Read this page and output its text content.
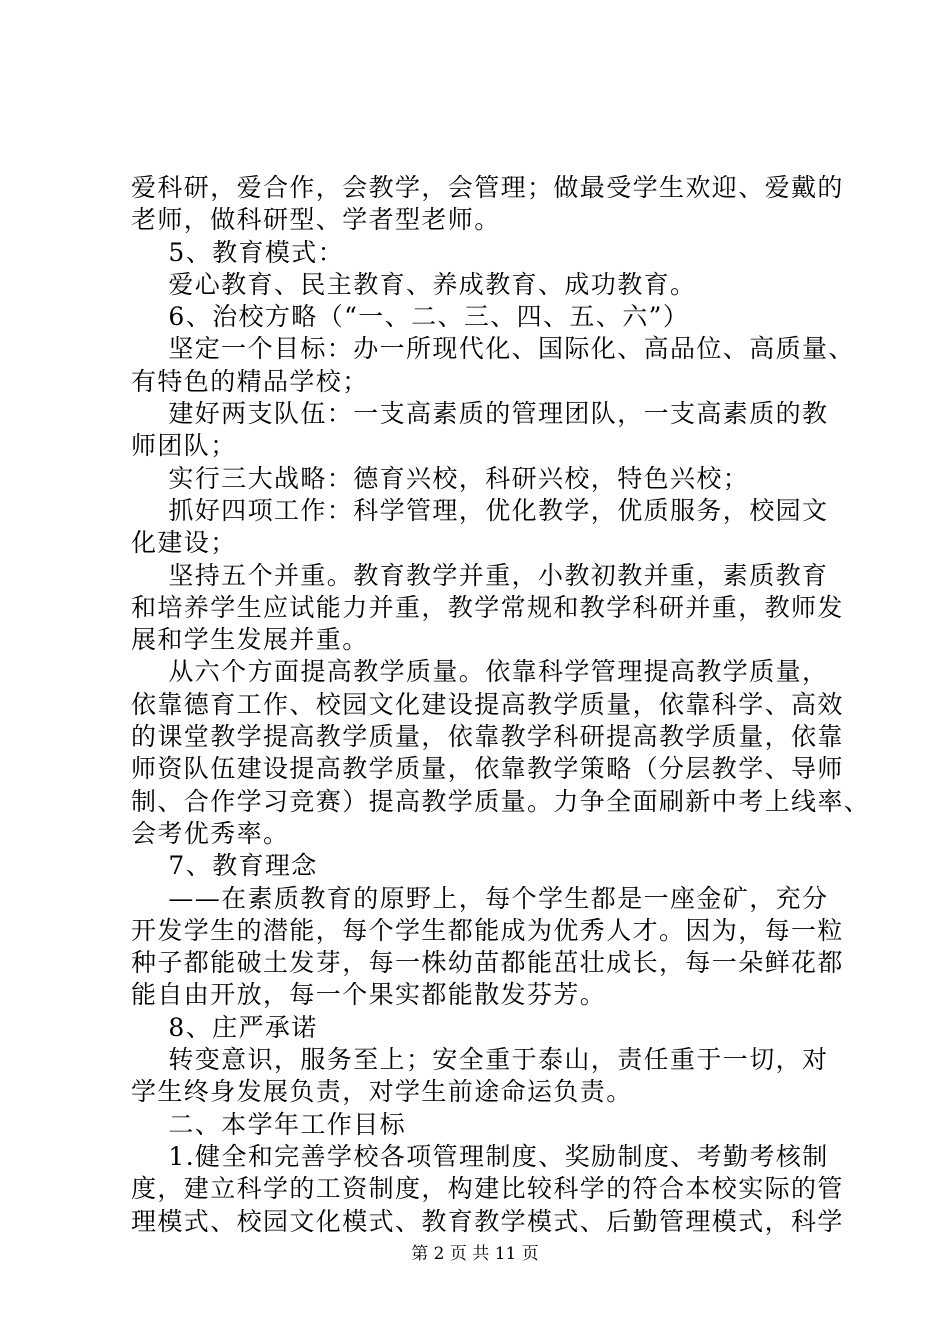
爱科研，爱合作，会教学，会管理；做最受学生欢迎、爱戴的
老师，做科研型、学者型老师。
5、教育模式：
爱心教育、民主教育、养成教育、成功教育。
6、治校方略（“一、二、三、四、五、六”）
坚定一个目标：办一所现代化、国际化、高品位、高质量、
有特色的精品学校；
建好两支队伍：一支高素质的管理团队，一支高素质的教
师团队；
实行三大战略：德育兴校，科研兴校，特色兴校；
抓好四项工作：科学管理，优化教学，优质服务，校园文
化建设；
坚持五个并重。教育教学并重，小教初教并重，素质教育
和培养学生应试能力并重，教学常规和教学科研并重，教师发
展和学生发展并重。
从六个方面提高教学质量。依靠科学管理提高教学质量，
依靠德育工作、校园文化建设提高教学质量，依靠科学、高效
的课堂教学提高教学质量，依靠教学科研提高教学质量，依靠
师资队伍建设提高教学质量，依靠教学策略（分层教学、导师
制、合作学习竞赛）提高教学质量。力争全面刷新中考上线率、
会考优秀率。
7、教育理念
——在素质教育的原野上，每个学生都是一座金矿，充分
开发学生的潜能，每个学生都能成为优秀人才。因为，每一粒
种子都能破土发芽，每一株幼苗都能茁壮成长，每一朵鲜花都
能自由开放，每一个果实都能散发芬芳。
8、庄严承诺
转变意识，服务至上；安全重于泰山，责任重于一切，对
学生终身发展负责，对学生前途命运负责。
二、本学年工作目标
1.健全和完善学校各项管理制度、奖励制度、考勤考核制
度，建立科学的工资制度，构建比较科学的符合本校实际的管
理模式、校园文化模式、教育教学模式、后勤管理模式，科学
第 2 页 共 11 页
